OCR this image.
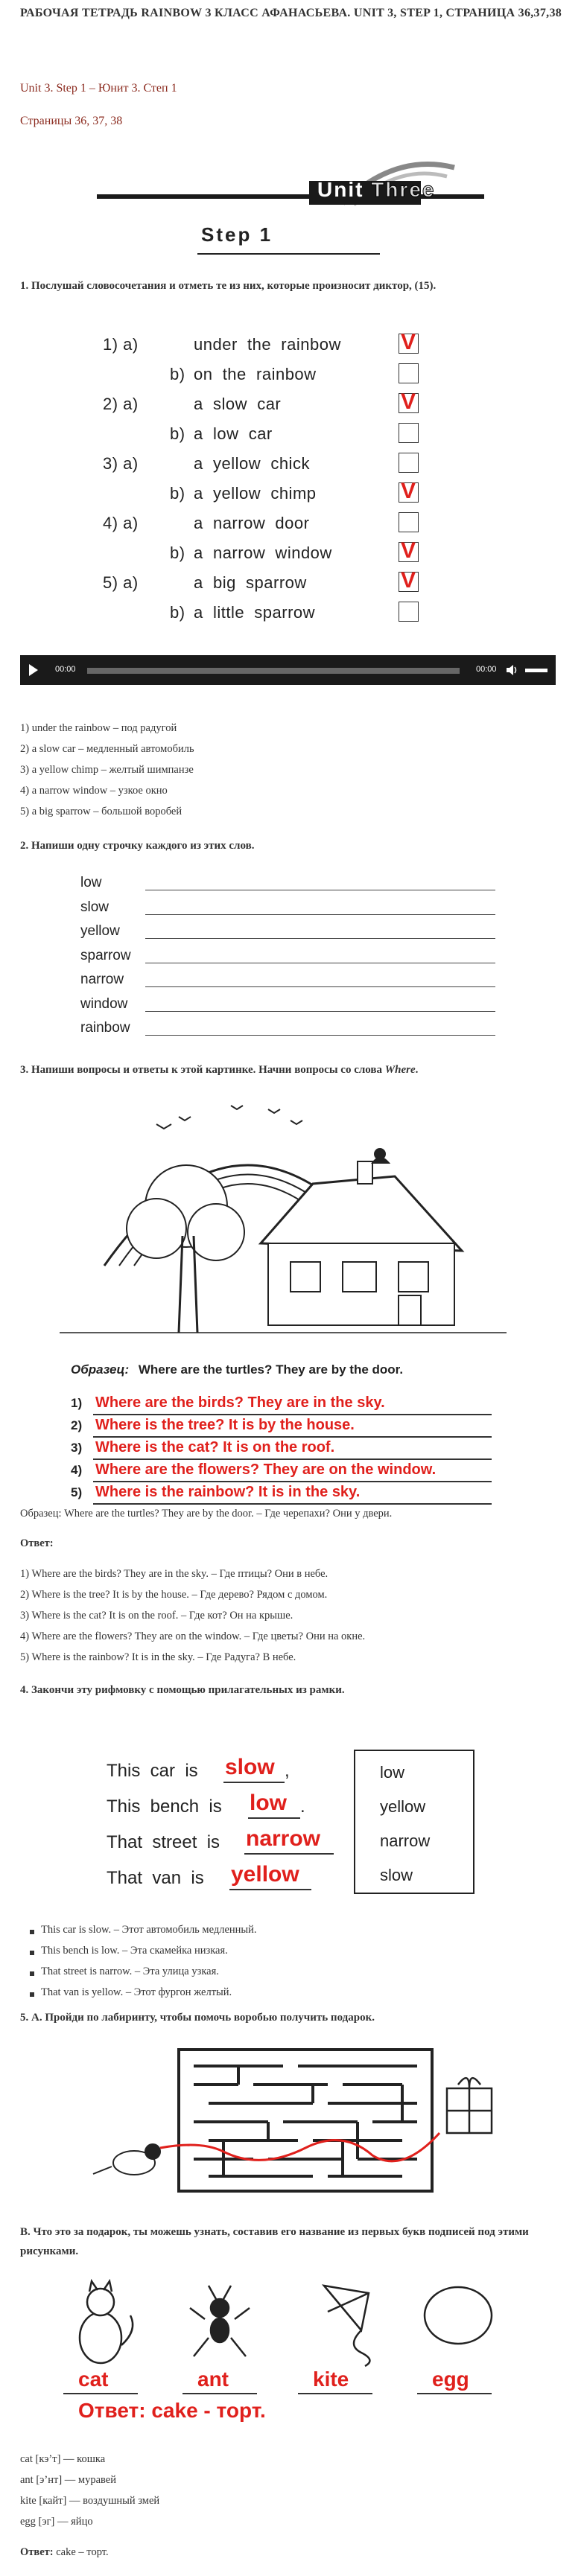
РАБОЧАЯ ТЕТРАДЬ RAINBOW 3 КЛАСС АФАНАСЬЕВА. UNIT 3, STEP 1, СТРАНИЦА 36,37,38
Unit 3. Step 1 – Юнит 3. Степ 1
Страницы 36, 37, 38
Unit Three
Step 1
1. Послушай словосочетания и отметь те из них, которые произносит диктор, (15).
1) a)	under  the  rainbow	V
b) on  the  rainbow
2) a)	a  slow  car	V
b) a  low  car
3) a)	a  yellow  chick
b) a  yellow  chimp	V
4) a)	a  narrow  door
b) a  narrow  window	V
5) a)	a  big  sparrow	V
b) a  little  sparrow
00:00	00:00
1) under the rainbow – под радугой
2) a slow car – медленный автомобиль
3) a yellow chimp – желтый шимпанзе
4) a narrow window – узкое окно
5) a big sparrow – большой воробей
2. Напиши одну строчку каждого из этих слов.
low
slow
yellow
sparrow
narrow
window
rainbow
3. Напиши вопросы и ответы к этой картинке. Начни вопросы со слова Where.
Образец: Where are the turtles? They are by the door.
1) Where are the birds? They are in the sky.
2) Where is the tree? It is by the house.
3) Where is the cat? It is on the roof.
4) Where are the flowers? They are on the window.
5) Where is the rainbow? It is in the sky.
Образец: Where are the turtles? They are by the door. – Где черепахи? Они у двери.
Ответ:
1) Where are the birds? They are in the sky. – Где птицы? Они в небе.
2) Where is the tree? It is by the house. – Где дерево? Рядом с домом.
3) Where is the cat? It is on the roof. – Где кот? Он на крыше.
4) Where are the flowers? They are on the window. – Где цветы? Они на окне.
5) Where is the rainbow? It is in the sky. – Где Радуга? В небе.
4. Закончи эту рифмовку с помощью прилагательных из рамки.
This  car  is slow ,
This  bench  is low .
That  street  is narrow
That  van  is yellow
low
yellow
narrow
slow
This car is slow. – Этот автомобиль медленный.
This bench is low. – Эта скамейка низкая.
That street is narrow. – Эта улица узкая.
That van is yellow. – Этот фургон желтый.
5. А. Пройди по лабиринту, чтобы помочь воробью получить подарок.
В. Что это за подарок, ты можешь узнать, составив его название из первых букв подписей под этими рисунками.
cat	ant	kite	egg
Ответ: cake - торт.
cat [кэ’т] — кошка
ant [э’нт] — муравей
kite [кайт] — воздушный змей
egg [эг] — яйцо
Ответ: cake – торт.
